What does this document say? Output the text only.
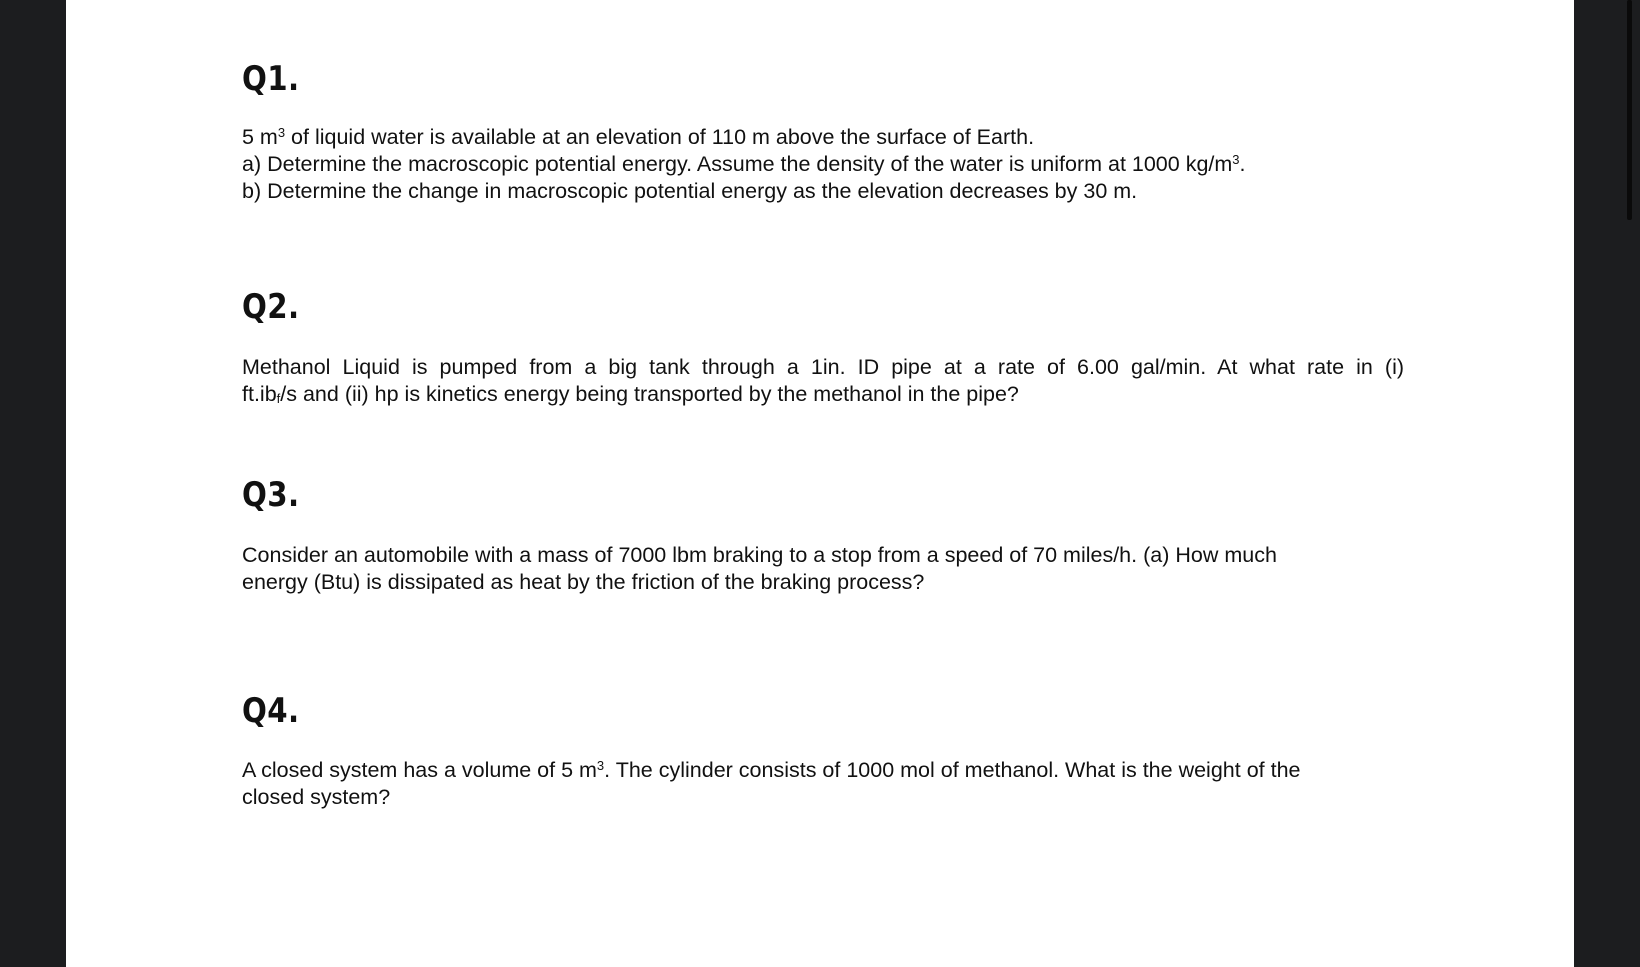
Q1.
5 $m^3$ of liquid water is available at an elevation of 110 m above the surface of Earth.
a) Determine the macroscopic potential energy. Assume the density of the water is uniform at 1000 $kg/m^3$.
b) Determine the change in macroscopic potential energy as the elevation decreases by 30 m.
Q2.
Methanol Liquid is pumped from a big tank through a 1in. ID pipe at a rate of 6.00 gal/min. At what rate in (i)
$ft.ib_f/s$ and (ii) hp is kinetics energy being transported by the methanol in the pipe?
Q3.
Consider an automobile with a mass of 7000 lbm braking to a stop from a speed of 70 miles/h. (a) How much
energy (Btu) is dissipated as heat by the friction of the braking process?
Q4.
A closed system has a volume of 5 $m^3$. The cylinder consists of 1000 mol of methanol. What is the weight of the
closed system?
